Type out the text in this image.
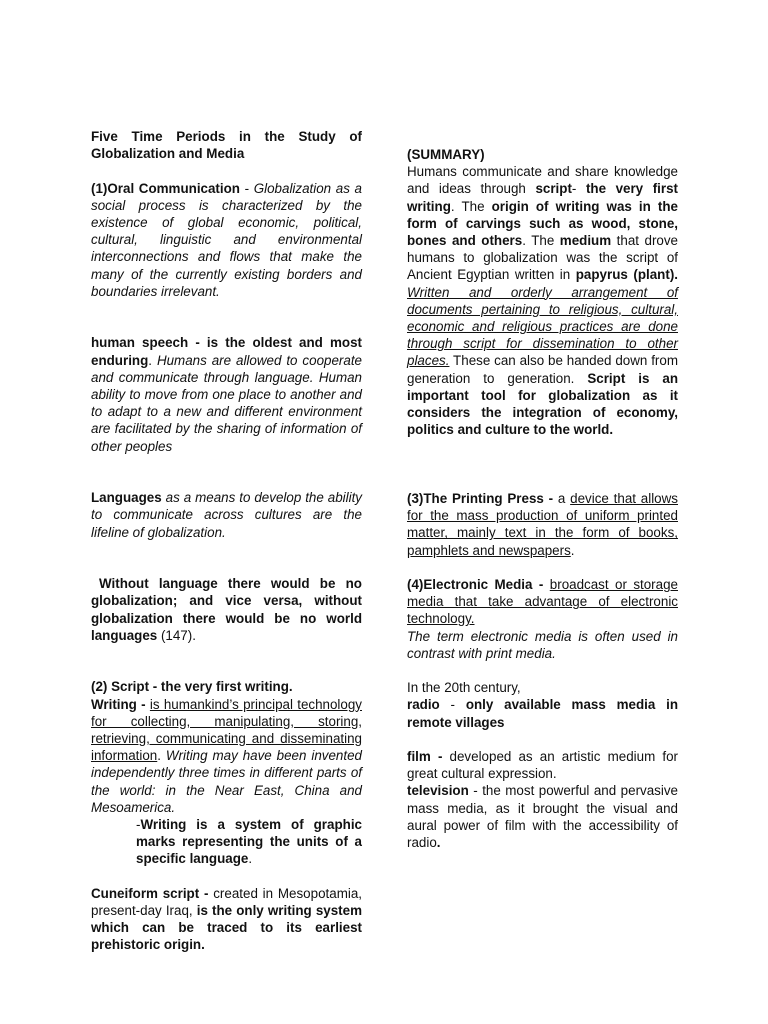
Five Time Periods in the Study of Globalization and Media

(1)Oral Communication - Globalization as a social process is characterized by the existence of global economic, political, cultural, linguistic and environmental interconnections and flows that make the many of the currently existing borders and boundaries irrelevant.

human speech - is the oldest and most enduring. Humans are allowed to cooperate and communicate through language. Human ability to move from one place to another and to adapt to a new and different environment are facilitated by the sharing of information of other peoples

Languages as a means to develop the ability to communicate across cultures are the lifeline of globalization.

Without language there would be no globalization; and vice versa, without globalization there would be no world languages (147).

(2) Script - the very first writing.

Writing - is humankind’s principal technology for collecting, manipulating, storing, retrieving, communicating and disseminating information. Writing may have been invented independently three times in different parts of the world: in the Near East, China and Mesoamerica.

-Writing is a system of graphic marks representing the units of a specific language.

Cuneiform script - created in Mesopotamia, present-day Iraq, is the only writing system which can be traced to its earliest prehistoric origin.

(SUMMARY)

Humans communicate and share knowledge and ideas through script- the very first writing. The origin of writing was in the form of carvings such as wood, stone, bones and others. The medium that drove humans to globalization was the script of Ancient Egyptian written in papyrus (plant). Written and orderly arrangement of documents pertaining to religious, cultural, economic and religious practices are done through script for dissemination to other places. These can also be handed down from generation to generation. Script is an important tool for globalization as it considers the integration of economy, politics and culture to the world.

(3)The Printing Press - a device that allows for the mass production of uniform printed matter, mainly text in the form of books, pamphlets and newspapers.

(4)Electronic Media - broadcast or storage media that take advantage of electronic technology.

The term electronic media is often used in contrast with print media.

In the 20th century,

radio - only available mass media in remote villages

film - developed as an artistic medium for great cultural expression.

television - the most powerful and pervasive mass media, as it brought the visual and aural power of film with the accessibility of radio.
